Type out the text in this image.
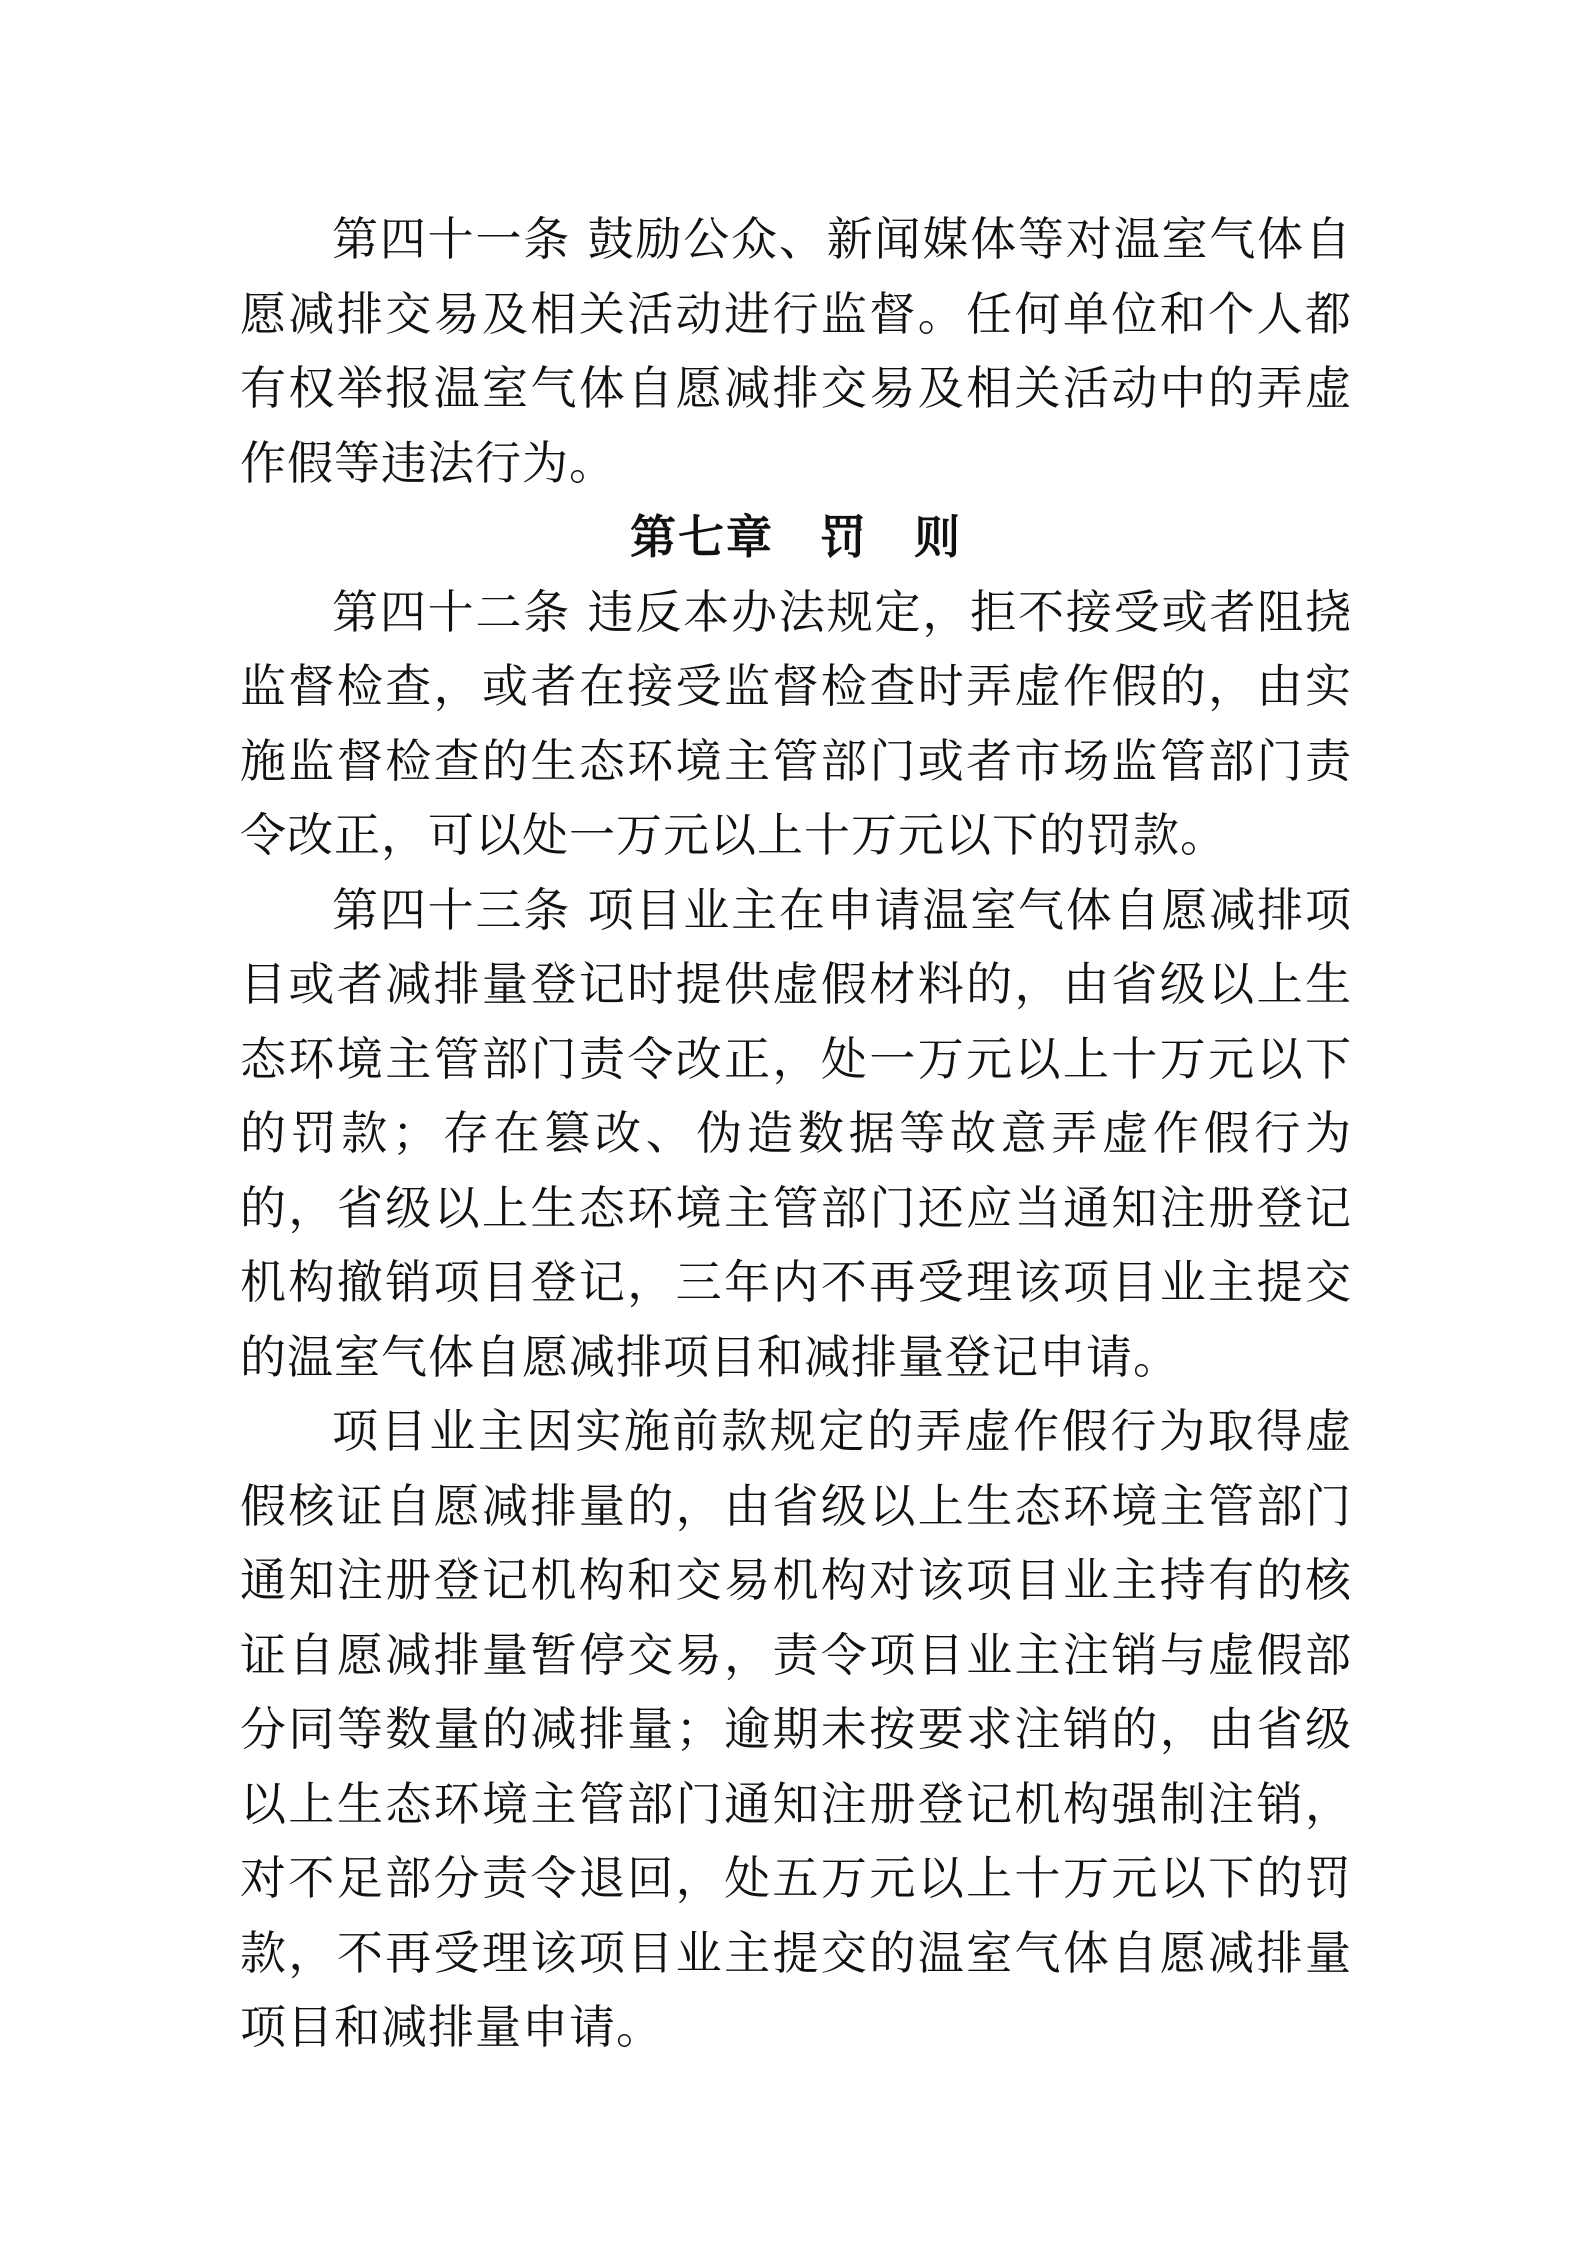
第四十一条 鼓励公众、新闻媒体等对温室气体自愿减排交易及相关活动进行监督。任何单位和个人都有权举报温室气体自愿减排交易及相关活动中的弄虚作假等违法行为。

第七章 罚 则

第四十二条 违反本办法规定，拒不接受或者阻挠监督检查，或者在接受监督检查时弄虚作假的，由实施监督检查的生态环境主管部门或者市场监管部门责令改正，可以处一万元以上十万元以下的罚款。

第四十三条 项目业主在申请温室气体自愿减排项目或者减排量登记时提供虚假材料的，由省级以上生态环境主管部门责令改正，处一万元以上十万元以下的罚款；存在篡改、伪造数据等故意弄虚作假行为的，省级以上生态环境主管部门还应当通知注册登记机构撤销项目登记，三年内不再受理该项目业主提交的温室气体自愿减排项目和减排量登记申请。

项目业主因实施前款规定的弄虚作假行为取得虚假核证自愿减排量的，由省级以上生态环境主管部门通知注册登记机构和交易机构对该项目业主持有的核证自愿减排量暂停交易，责令项目业主注销与虚假部分同等数量的减排量；逾期未按要求注销的，由省级以上生态环境主管部门通知注册登记机构强制注销，对不足部分责令退回，处五万元以上十万元以下的罚款，不再受理该项目业主提交的温室气体自愿减排量项目和减排量申请。
